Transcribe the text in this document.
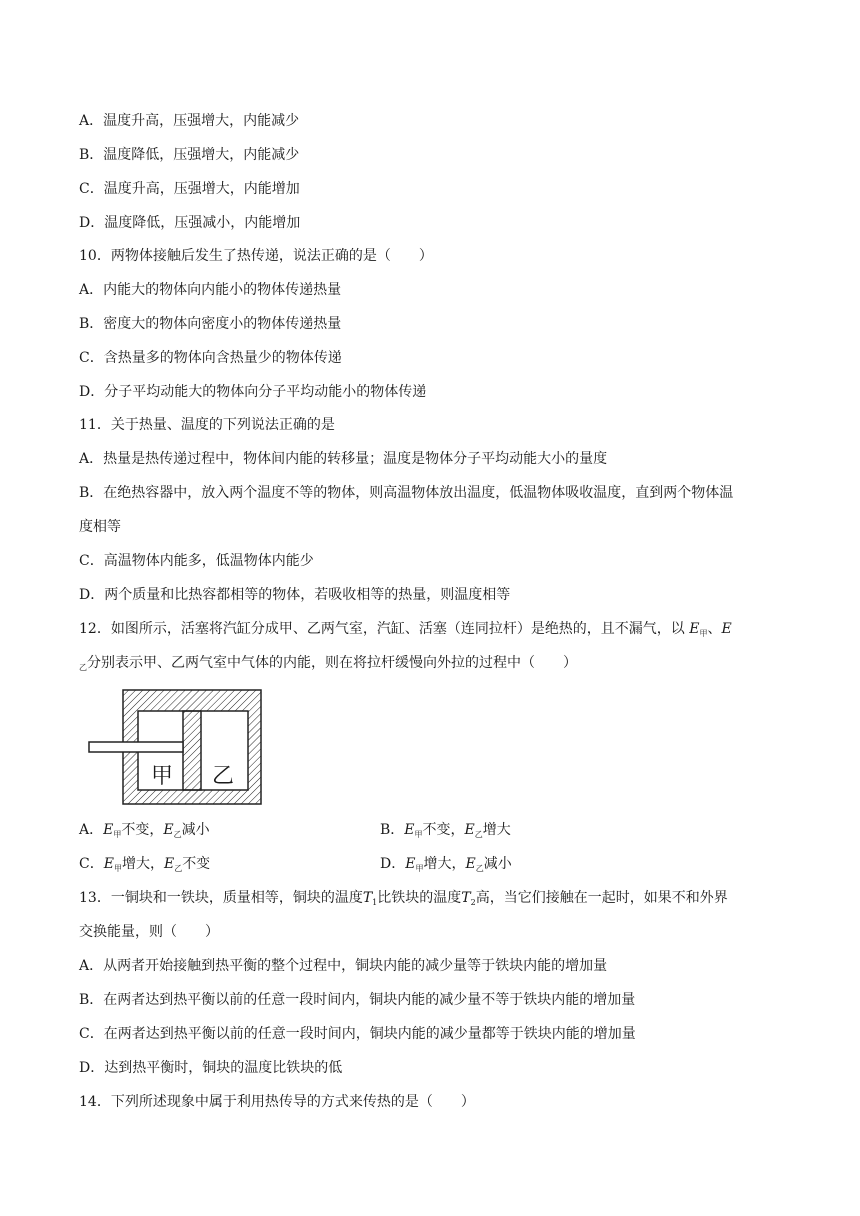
A．温度升高，压强增大，内能减少
B．温度降低，压强增大，内能减少
C．温度升高，压强增大，内能增加
D．温度降低，压强减小，内能增加
10．两物体接触后发生了热传递，说法正确的是（　　）
A．内能大的物体向内能小的物体传递热量
B．密度大的物体向密度小的物体传递热量
C．含热量多的物体向含热量少的物体传递
D．分子平均动能大的物体向分子平均动能小的物体传递
11．关于热量、温度的下列说法正确的是
A．热量是热传递过程中，物体间内能的转移量；温度是物体分子平均动能大小的量度
B．在绝热容器中，放入两个温度不等的物体，则高温物体放出温度，低温物体吸收温度，直到两个物体温
度相等
C．高温物体内能多，低温物体内能少
D．两个质量和比热容都相等的物体，若吸收相等的热量，则温度相等
12．如图所示，活塞将汽缸分成甲、乙两气室，汽缸、活塞（连同拉杆）是绝热的，且不漏气，以 $E_甲$、E
$_乙$分别表示甲、乙两气室中气体的内能，则在将拉杆缓慢向外拉的过程中（　　）
甲 乙
A．$E_甲$不变，$E_乙$减小	B．$E_甲$不变，$E_乙$增大
C．$E_甲$增大，$E_乙$不变	D．$E_甲$增大，$E_乙$减小
13．一铜块和一铁块，质量相等，铜块的温度$T_1$比铁块的温度$T_2$高，当它们接触在一起时，如果不和外界
交换能量，则（　　）
A．从两者开始接触到热平衡的整个过程中，铜块内能的减少量等于铁块内能的增加量
B．在两者达到热平衡以前的任意一段时间内，铜块内能的减少量不等于铁块内能的增加量
C．在两者达到热平衡以前的任意一段时间内，铜块内能的减少量都等于铁块内能的增加量
D．达到热平衡时，铜块的温度比铁块的低
14．下列所述现象中属于利用热传导的方式来传热的是（　　）
